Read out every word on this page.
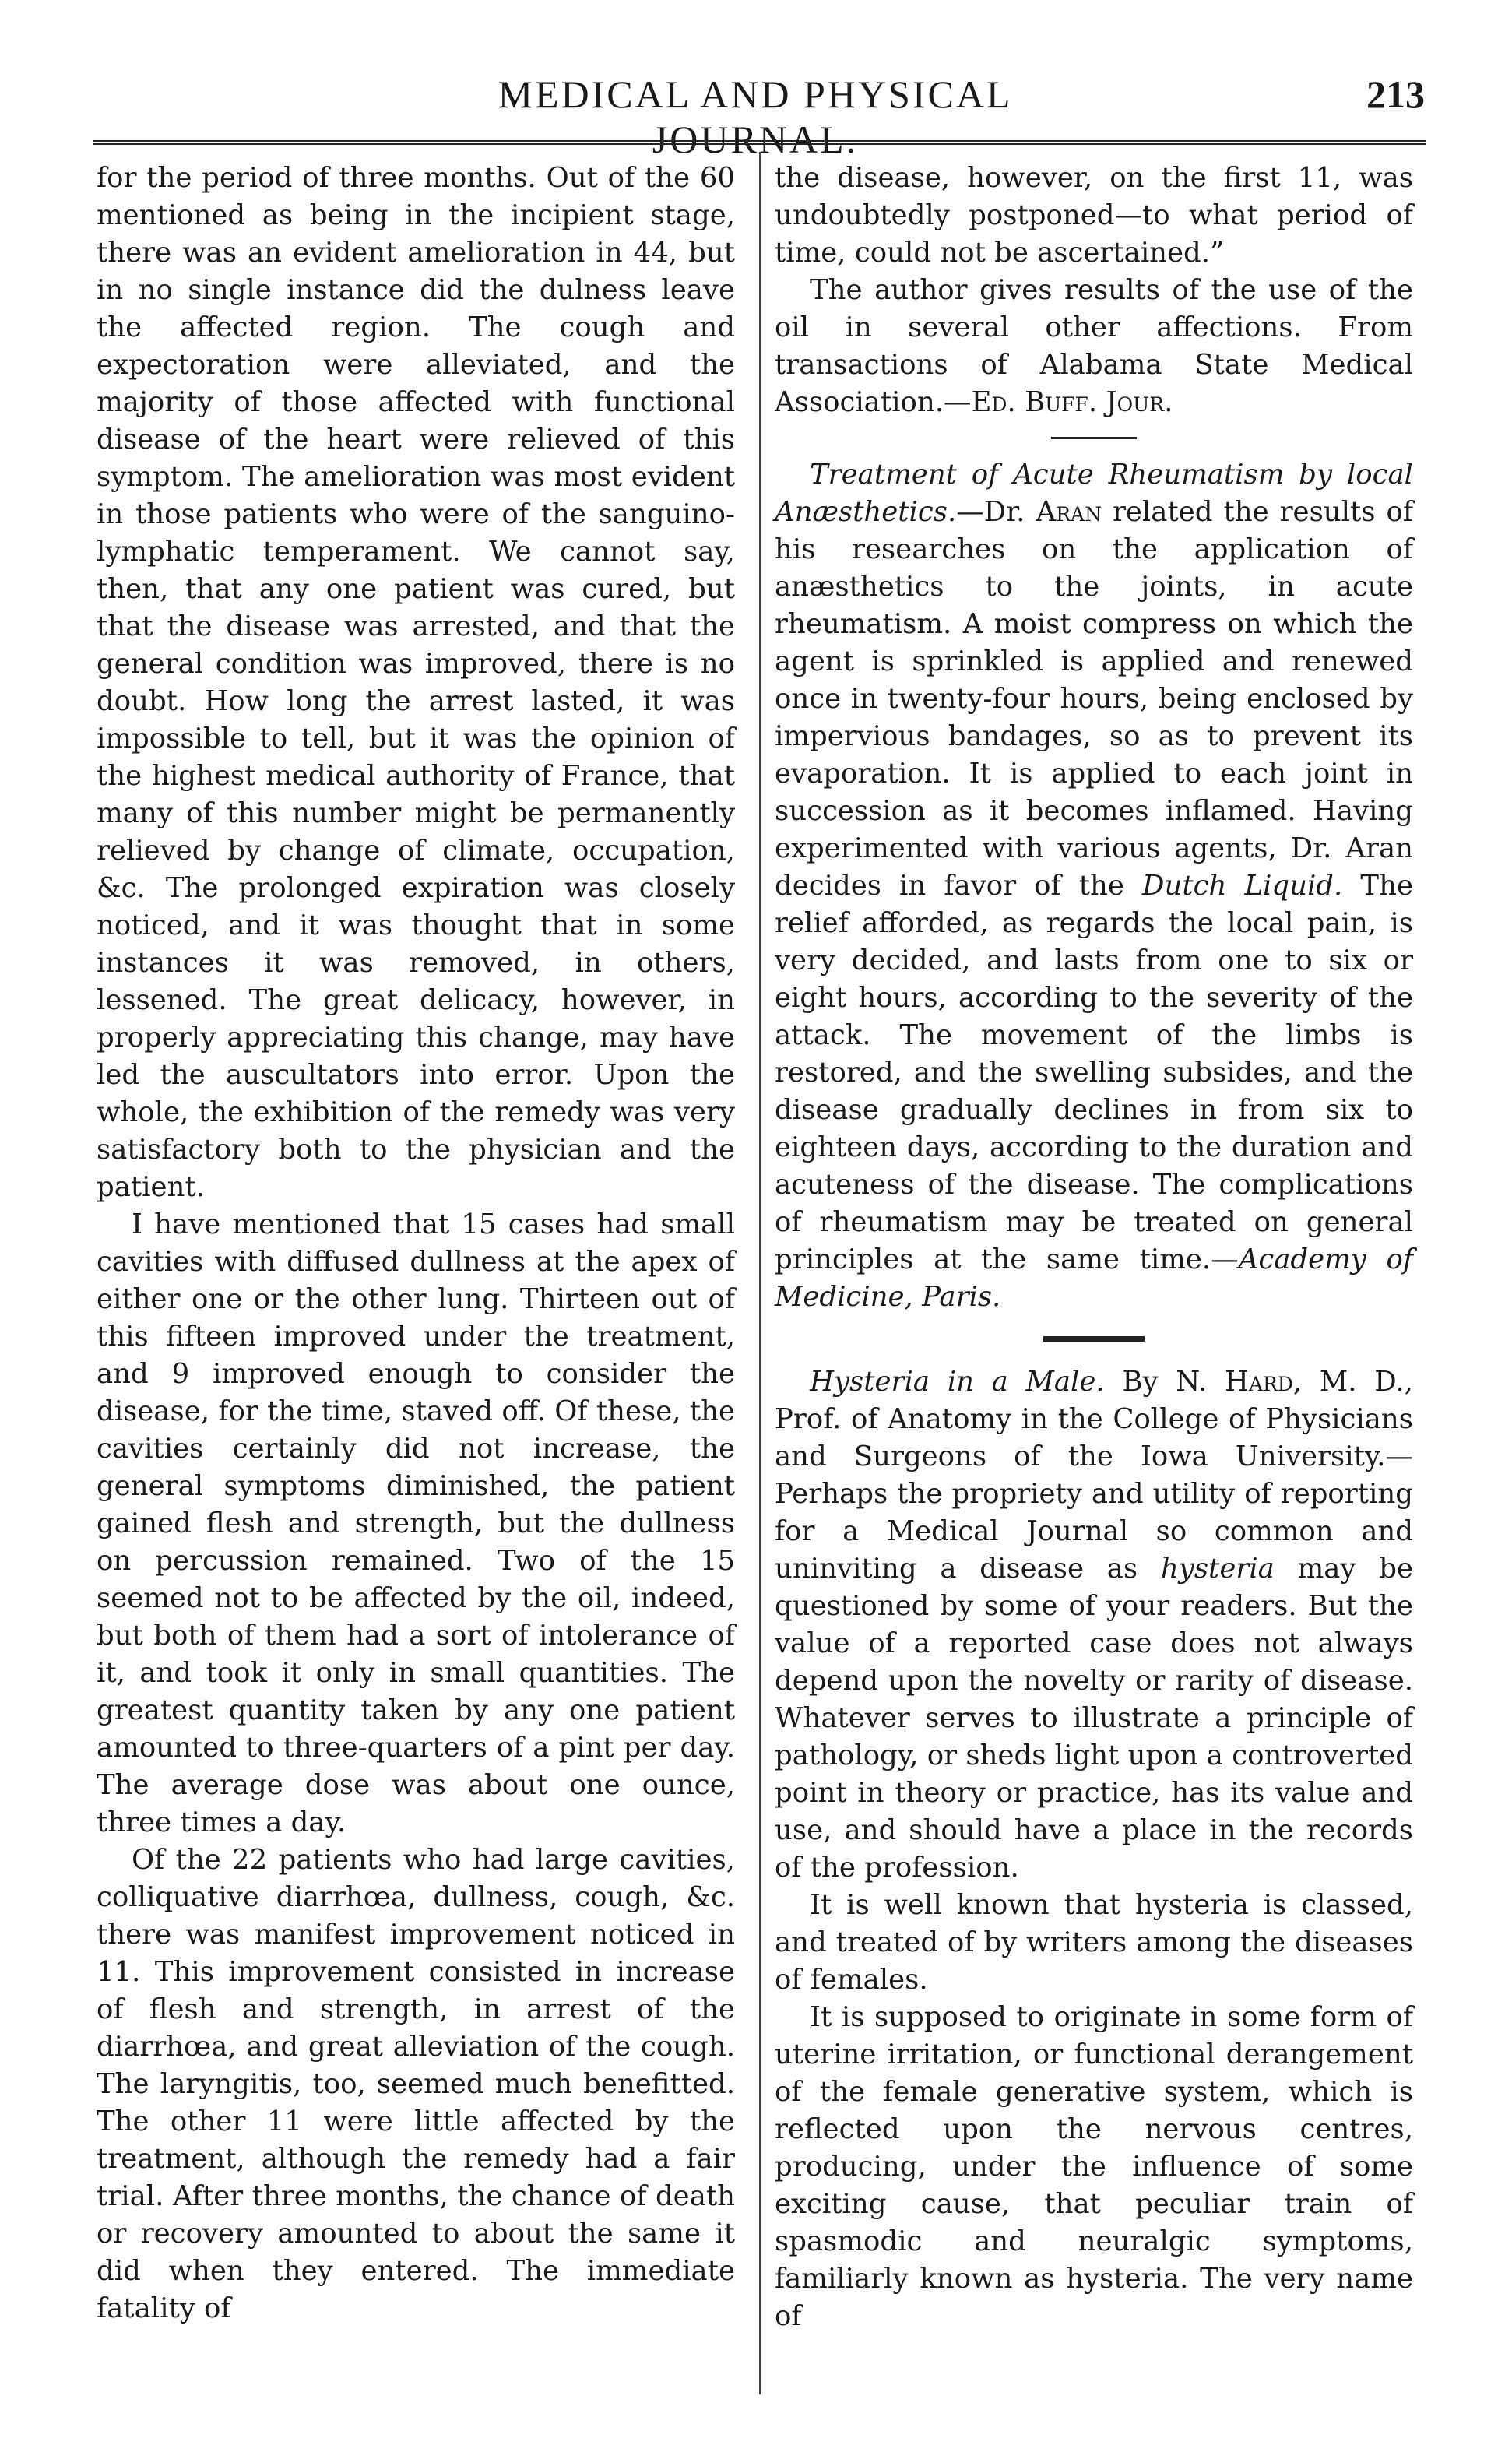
MEDICAL AND PHYSICAL JOURNAL.
213

for the period of three months. Out of the 60 mentioned as being in the incipient stage, there was an evident amelioration in 44, but in no single instance did the dulness leave the affected region. The cough and expectoration were alleviated, and the majority of those affected with functional disease of the heart were relieved of this symptom. The amelioration was most evident in those patients who were of the sanguino-lymphatic temperament. We cannot say, then, that any one patient was cured, but that the disease was arrested, and that the general condition was improved, there is no doubt. How long the arrest lasted, it was impossible to tell, but it was the opinion of the highest medical authority of France, that many of this number might be permanently relieved by change of climate, occupation, &c. The prolonged expiration was closely noticed, and it was thought that in some instances it was removed, in others, lessened. The great delicacy, however, in properly appreciating this change, may have led the auscultators into error. Upon the whole, the exhibition of the remedy was very satisfactory both to the physician and the patient.

I have mentioned that 15 cases had small cavities with diffused dullness at the apex of either one or the other lung. Thirteen out of this fifteen improved under the treatment, and 9 improved enough to consider the disease, for the time, staved off. Of these, the cavities certainly did not increase, the general symptoms diminished, the patient gained flesh and strength, but the dullness on percussion remained. Two of the 15 seemed not to be affected by the oil, indeed, but both of them had a sort of intolerance of it, and took it only in small quantities. The greatest quantity taken by any one patient amounted to three-quarters of a pint per day. The average dose was about one ounce, three times a day.

Of the 22 patients who had large cavities, colliquative diarrhœa, dullness, cough, &c. there was manifest improvement noticed in 11. This improvement consisted in increase of flesh and strength, in arrest of the diarrhœa, and great alleviation of the cough. The laryngitis, too, seemed much benefitted. The other 11 were little affected by the treatment, although the remedy had a fair trial. After three months, the chance of death or recovery amounted to about the same it did when they entered. The immediate fatality of

the disease, however, on the first 11, was undoubtedly postponed—to what period of time, could not be ascertained.”

The author gives results of the use of the oil in several other affections. From transactions of Alabama State Medical Association.—Ed. Buff. Jour.

Treatment of Acute Rheumatism by local Anæsthetics.—Dr. Aran related the results of his researches on the application of anæsthetics to the joints, in acute rheumatism. A moist compress on which the agent is sprinkled is applied and renewed once in twenty-four hours, being enclosed by impervious bandages, so as to prevent its evaporation. It is applied to each joint in succession as it becomes inflamed. Having experimented with various agents, Dr. Aran decides in favor of the Dutch Liquid. The relief afforded, as regards the local pain, is very decided, and lasts from one to six or eight hours, according to the severity of the attack. The movement of the limbs is restored, and the swelling subsides, and the disease gradually declines in from six to eighteen days, according to the duration and acuteness of the disease. The complications of rheumatism may be treated on general principles at the same time.—Academy of Medicine, Paris.

Hysteria in a Male. By N. Hard, M. D., Prof. of Anatomy in the College of Physicians and Surgeons of the Iowa University.—Perhaps the propriety and utility of reporting for a Medical Journal so common and uninviting a disease as hysteria may be questioned by some of your readers. But the value of a reported case does not always depend upon the novelty or rarity of disease. Whatever serves to illustrate a principle of pathology, or sheds light upon a controverted point in theory or practice, has its value and use, and should have a place in the records of the profession.

It is well known that hysteria is classed, and treated of by writers among the diseases of females.

It is supposed to originate in some form of uterine irritation, or functional derangement of the female generative system, which is reflected upon the nervous centres, producing, under the influence of some exciting cause, that peculiar train of spasmodic and neuralgic symptoms, familiarly known as hysteria. The very name of
